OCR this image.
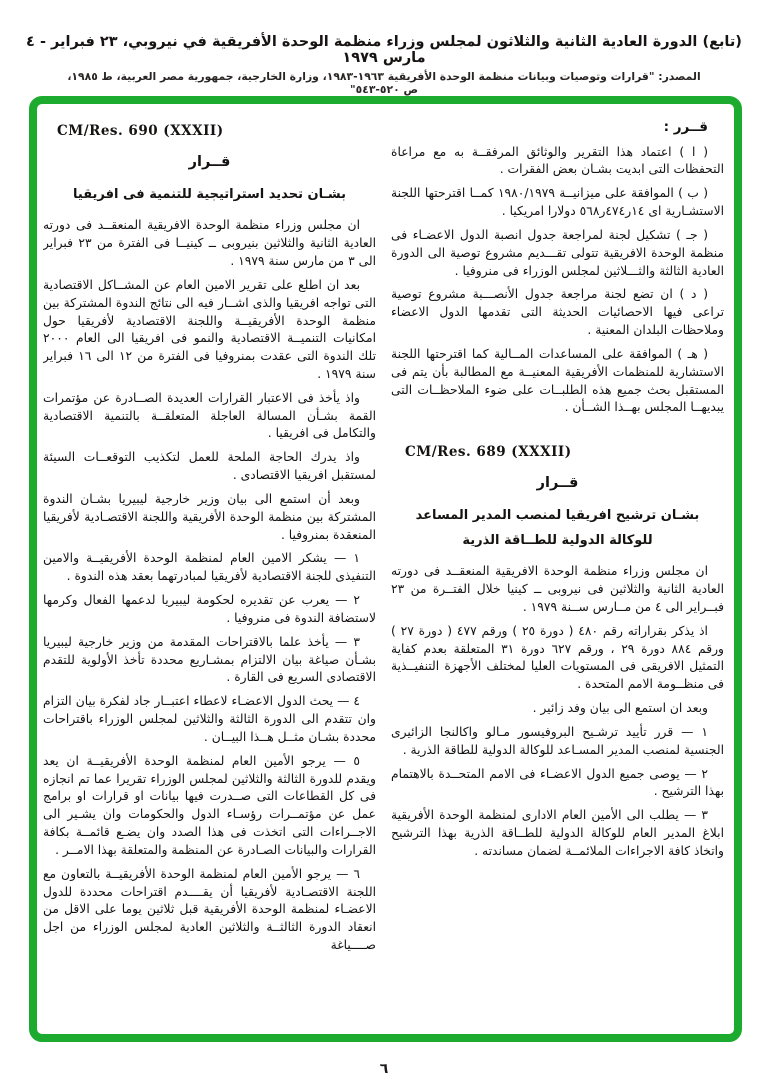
(تابع) الدورة العادية الثانية والثلاثون لمجلس وزراء منظمة الوحدة الأفريقية في نيروبي، ٢٣ فبراير - ٤ مارس ١٩٧٩
المصدر: "قرارات وتوصيات وبيانات منظمة الوحدة الأفريقية ١٩٦٣-١٩٨٣، وزارة الخارجية، جمهورية مصر العربية، ط ١٩٨٥، ص ٥٢٠-٥٤٣"

قــرر :

( ا ) اعتماد هذا التقرير والوثائق المرفقــة به مع مراعاة التحفظات التى ابديت بشـان بعض الفقرات .

( ب ) الموافقة على ميزانيــة ١٩٨٠/١٩٧٩ كمــا اقترحتها اللجنة الاستشـارية اى ١٤ر٤٧٤ر٥٦٨ دولارا امريكيا .

( جـ ) تشكيل لجنة لمراجعة جدول انصبة الدول الاعضـاء فى منظمة الوحدة الافريقية تتولى تقـــديم مشروع توصية الى الدورة العادية الثالثة والثـــلاثين لمجلس الوزراء فى منروفيا .

( د ) ان تضع لجنة مراجعة جدول الأنصـــبة مشروع توصية تراعى فيها الاحصائيات الحديثة التى تقدمها الدول الاعضاء وملاحظات البلدان المعنية .

( هـ ) الموافقة على المساعدات المــالية كما اقترحتها اللجنة الاستشارية للمنظمات الأفريقية المعنيــة مع المطالبة بأن يتم فى المستقبل بحث جميع هذه الطلبــات على ضوء الملاحظــات التى يبديهــا المجلس بهــذا الشــأن .

CM/Res. 689 (XXXII)
قــرار
بشـان ترشيح افريقيا لمنصب المدير المساعد
للوكالة الدولية للطــاقة الذرية

ان مجلس وزراء منظمة الوحدة الافريقية المنعقــد فى دورته العادية الثانية والثلاثين فى نيروبى ــ كينيا خلال الفتــرة من ٢٣ فبــراير الى ٤ من مــارس ســنة ١٩٧٩ .

اذ يذكر بقراراته رقم ٤٨٠ ( دورة ٢٥ ) ورقم ٤٧٧ ( دورة ٢٧ ) ورقم ٨٨٤ دورة ٢٩ ، ورقم ٦٢٧ دورة ٣١ المتعلقة بعدم كفاية التمثيل الافريقى فى المستويات العليا لمختلف الأجهزة التنفيــذية فى منظــومة الامم المتحدة .

وبعد ان استمع الى بيان وفد زائير .

١ — قرر تأييد ترشـيح البروفيسور مـالو واكالنجا الزائيرى الجنسية لمنصب المدير المسـاعد للوكالة الدولية للطاقة الذرية .

٢ — يوصى جميع الدول الاعضـاء فى الامم المتحــدة بالاهتمام بهذا الترشيح .

٣ — يطلب الى الأمين العام الادارى لمنظمة الوحدة الأفريقية ابلاغ المدير العام للوكالة الدولية للطــاقة الذرية بهذا الترشيح واتخاذ كافة الاجراءات الملائمــة لضمان مساندته .

CM/Res. 690 (XXXII)
قــرار
بشـان تحديد استراتيجية للتنمية فى افريقيا

ان مجلس وزراء منظمة الوحدة الافريقية المنعقــد فى دورته العادية الثانية والثلاثين بنيروبى ــ كينيــا فى الفترة من ٢٣ فبراير الى ٣ من مارس سنة ١٩٧٩ .

بعد ان اطلع على تقرير الامين العام عن المشــاكل الاقتصادية التى تواجه افريقيا والذى اشــار فيه الى نتائج الندوة المشتركة بين منظمة الوحدة الأفريقيــة واللجنة الاقتصادية لأفريقيا حول امكانيات التنميــة الاقتصادية والنمو فى افريقيا الى العام ٢٠٠٠ تلك الندوة التى عقدت بمنروفيا فى الفترة من ١٢ الى ١٦ فبراير سنة ١٩٧٩ .

واذ يأخذ فى الاعتبار القرارات العديدة الصــادرة عن مؤتمرات القمة بشـأن المسالة العاجلة المتعلقــة بالتنمية الاقتصادية والتكامل فى افريقيا .

واذ يدرك الحاجة الملحة للعمل لتكذيب التوقعــات السيئة لمستقبل افريقيا الاقتصادى .

وبعد أن استمع الى بيان وزير خارجية ليبيريا بشـان الندوة المشتركة بين منظمة الوحدة الأفريقية واللجنة الاقتصـادية لأفريقيا المنعقدة بمنروفيا .

١ — يشكر الامين العام لمنظمة الوحدة الأفريقيــة والامين التنفيذى للجنة الاقتصادية لأفريقيا لمبادرتهما بعقد هذه الندوة .

٢ — يعرب عن تقديره لحكومة ليبيريا لدعمها الفعال وكرمها لاستضافة الندوة فى منروفيا .

٣ — يأخذ علما بالاقتراحات المقدمة من وزير خارجية ليبيريا بشـأن صياغة بيان الالتزام بمشـاريع محددة تأخذ الأولوية للتقدم الاقتصادى السريع فى القارة .

٤ — يحث الدول الاعضـاء لاعطاء اعتبــار جاد لفكرة بيان التزام وان تتقدم الى الدورة الثالثة والثلاثين لمجلس الوزراء باقتراحات محددة بشـان مثــل هــذا البيــان .

٥ — يرجو الأمين العام لمنظمة الوحدة الأفريقيــة ان يعد ويقدم للدورة الثالثة والثلاثين لمجلس الوزراء تقريرا عما تم انجازه فى كل القطاعات التى صــدرت فيها بيانات او قرارات او برامج عمل عن مؤتمــرات رؤسـاء الدول والحكومات وان يشـير الى الاجــراءات التى اتخذت فى هذا الصدد وان يضـع قائمــة بكافة القرارات والبيانات الصـادرة عن المنظمة والمتعلقة بهذا الامــر .

٦ — يرجو الأمين العام لمنظمة الوحدة الأفريقيــة بالتعاون مع اللجنة الاقتصـادية لأفريقيا أن يقــــدم اقتراحات محددة للدول الاعضـاء لمنظمة الوحدة الأفريقية قبل ثلاثين يوما على الاقل من انعقاد الدورة الثالثــة والثلاثين العادية لمجلس الوزراء من اجل صــــياغة

٦
